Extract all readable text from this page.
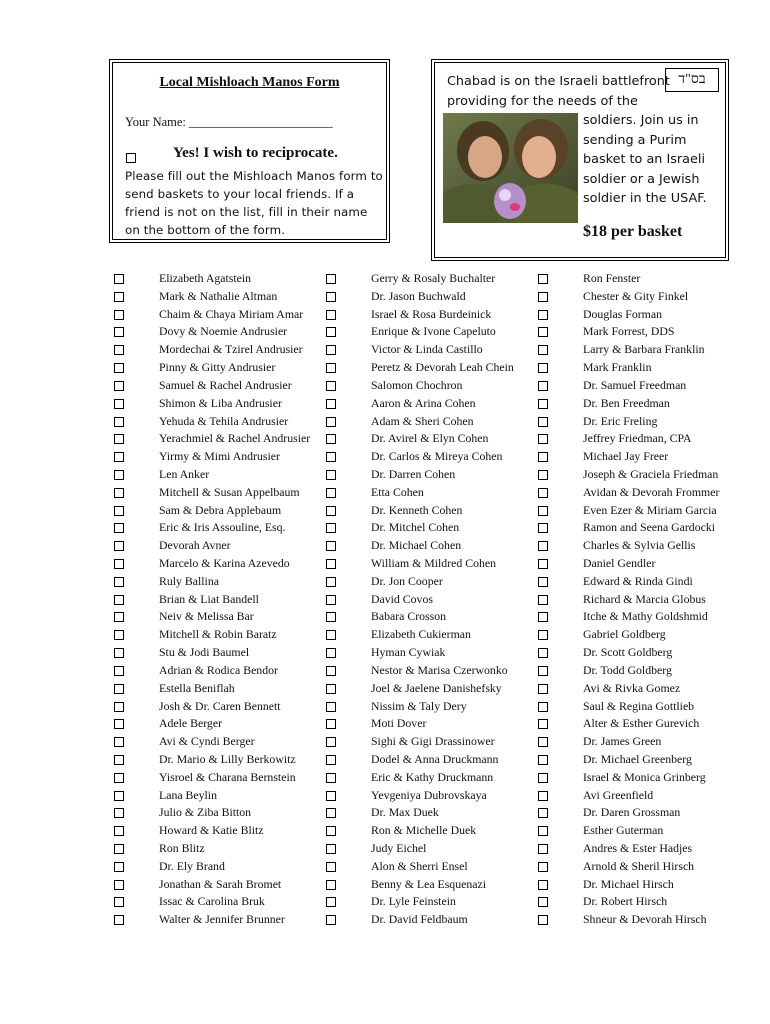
Local Mishloach Manos Form
Your Name: _______________________
Yes! I wish to reciprocate.
Please fill out the Mishloach Manos form to send baskets to your local friends. If a friend is not on the list, fill in their name on the bottom of the form.
Chabad is on the Israeli battlefront
providing for the needs of the
בס"ד
soldiers. Join us in sending a Purim basket to an Israeli soldier or a Jewish soldier in the USAF.
$18 per basket
Elizabeth Agatstein
Mark & Nathalie Altman
Chaim & Chaya Miriam Amar
Dovy & Noemie Andrusier
Mordechai & Tzirel Andrusier
Pinny & Gitty Andrusier
Samuel & Rachel Andrusier
Shimon & Liba Andrusier
Yehuda & Tehila Andrusier
Yerachmiel & Rachel Andrusier
Yirmy & Mimi Andrusier
Len Anker
Mitchell & Susan Appelbaum
Sam & Debra Applebaum
Eric & Iris Assouline, Esq.
Devorah Avner
Marcelo & Karina Azevedo
Ruly Ballina
Brian & Liat Bandell
Neiv & Melissa Bar
Mitchell & Robin Baratz
Stu & Jodi Baumel
Adrian & Rodica Bendor
Estella Beniflah
Josh & Dr. Caren Bennett
Adele Berger
Avi & Cyndi Berger
Dr. Mario & Lilly Berkowitz
Yisroel & Charana Bernstein
Lana Beylin
Julio & Ziba Bitton
Howard & Katie Blitz
Ron Blitz
Dr. Ely Brand
Jonathan & Sarah Bromet
Issac & Carolina Bruk
Walter & Jennifer Brunner
Gerry & Rosaly Buchalter
Dr. Jason Buchwald
Israel & Rosa Burdeinick
Enrique & Ivone Capeluto
Victor & Linda Castillo
Peretz & Devorah Leah Chein
Salomon Chochron
Aaron & Arina Cohen
Adam & Sheri Cohen
Dr. Avirel & Elyn Cohen
Dr. Carlos & Mireya Cohen
Dr. Darren Cohen
Etta Cohen
Dr. Kenneth Cohen
Dr. Mitchel Cohen
Dr. Michael Cohen
William & Mildred Cohen
Dr. Jon Cooper
David Covos
Babara Crosson
Elizabeth Cukierman
Hyman Cywiak
Nestor & Marisa Czerwonko
Joel & Jaelene Danishefsky
Nissim & Taly Dery
Moti Dover
Sighi & Gigi Drassinower
Dodel & Anna Druckmann
Eric & Kathy Druckmann
Yevgeniya Dubrovskaya
Dr. Max Duek
Ron & Michelle Duek
Judy Eichel
Alon & Sherri Ensel
Benny & Lea Esquenazi
Dr. Lyle Feinstein
Dr. David Feldbaum
Ron Fenster
Chester & Gity Finkel
Douglas Forman
Mark Forrest, DDS
Larry & Barbara Franklin
Mark Franklin
Dr. Samuel Freedman
Dr. Ben Freedman
Dr. Eric Freling
Jeffrey Friedman, CPA
Michael Jay Freer
Joseph & Graciela Friedman
Avidan & Devorah Frommer
Even Ezer & Miriam Garcia
Ramon and Seena Gardocki
Charles & Sylvia Gellis
Daniel Gendler
Edward & Rinda Gindi
Richard & Marcia Globus
Itche & Mathy Goldshmid
Gabriel Goldberg
Dr. Scott Goldberg
Dr. Todd Goldberg
Avi & Rivka Gomez
Saul & Regina Gottlieb
Alter & Esther Gurevich
Dr. James Green
Dr. Michael Greenberg
Israel & Monica Grinberg
Avi Greenfield
Dr. Daren Grossman
Esther Guterman
Andres & Ester Hadjes
Arnold & Sheril Hirsch
Dr. Michael Hirsch
Dr. Robert Hirsch
Shneur & Devorah Hirsch
